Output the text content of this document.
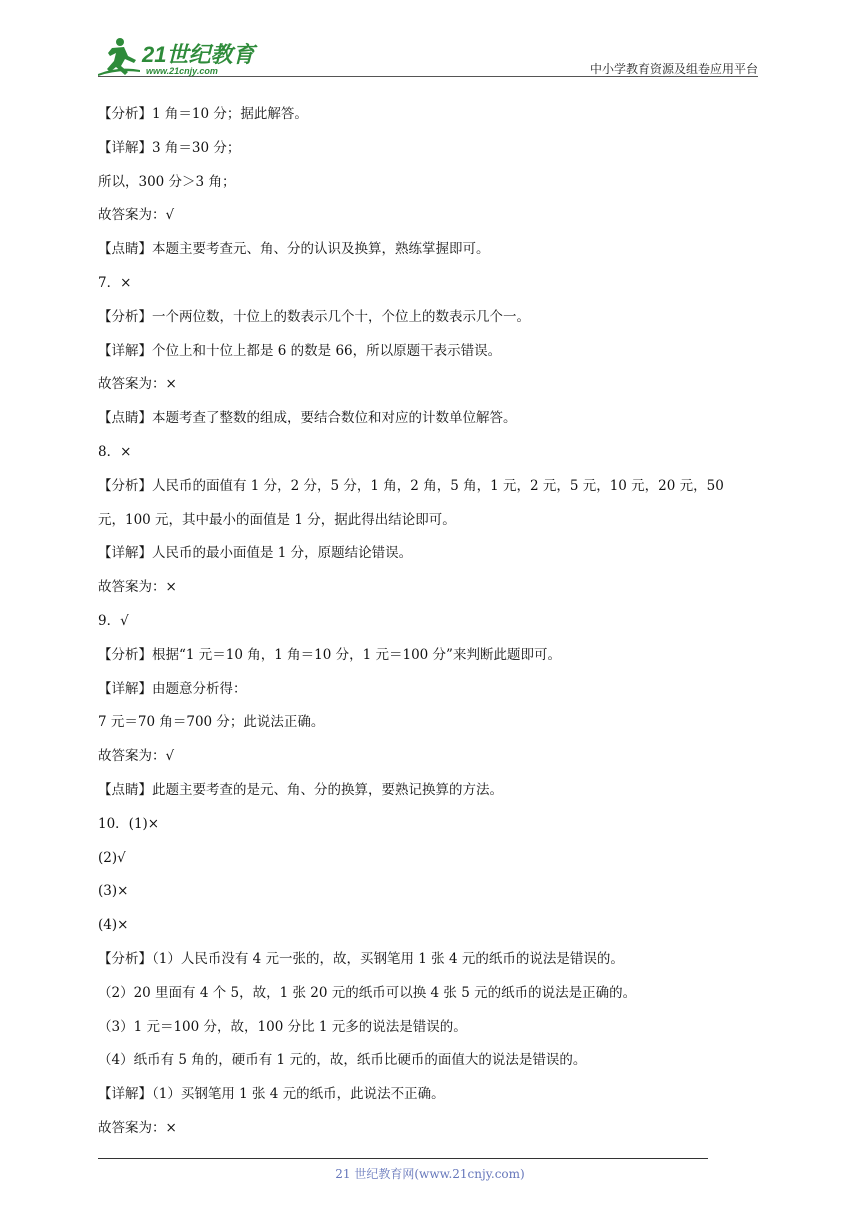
21世纪教育
www.21cnjy.com	中小学教育资源及组卷应用平台
【分析】1 角＝10 分；据此解答。
【详解】3 角＝30 分；
所以，300 分＞3 角；
故答案为：√
【点睛】本题主要考查元、角、分的认识及换算，熟练掌握即可。
7．×
【分析】一个两位数，十位上的数表示几个十，个位上的数表示几个一。
【详解】个位上和十位上都是 6 的数是 66，所以原题干表示错误。
故答案为：×
【点睛】本题考查了整数的组成，要结合数位和对应的计数单位解答。
8．×
【分析】人民币的面值有 1 分，2 分，5 分，1 角，2 角，5 角，1 元，2 元，5 元，10 元，20 元，50
元，100 元，其中最小的面值是 1 分，据此得出结论即可。
【详解】人民币的最小面值是 1 分，原题结论错误。
故答案为：×
9．√
【分析】根据“1 元＝10 角，1 角＝10 分，1 元＝100 分”来判断此题即可。
【详解】由题意分析得：
7 元＝70 角＝700 分；此说法正确。
故答案为：√
【点睛】此题主要考查的是元、角、分的换算，要熟记换算的方法。
10．(1)×
(2)√
(3)×
(4)×
【分析】（1）人民币没有 4 元一张的，故，买钢笔用 1 张 4 元的纸币的说法是错误的。
（2）20 里面有 4 个 5，故，1 张 20 元的纸币可以换 4 张 5 元的纸币的说法是正确的。
（3）1 元＝100 分，故，100 分比 1 元多的说法是错误的。
（4）纸币有 5 角的，硬币有 1 元的，故，纸币比硬币的面值大的说法是错误的。
【详解】（1）买钢笔用 1 张 4 元的纸币，此说法不正确。
故答案为：×
21 世纪教育网(www.21cnjy.com)
